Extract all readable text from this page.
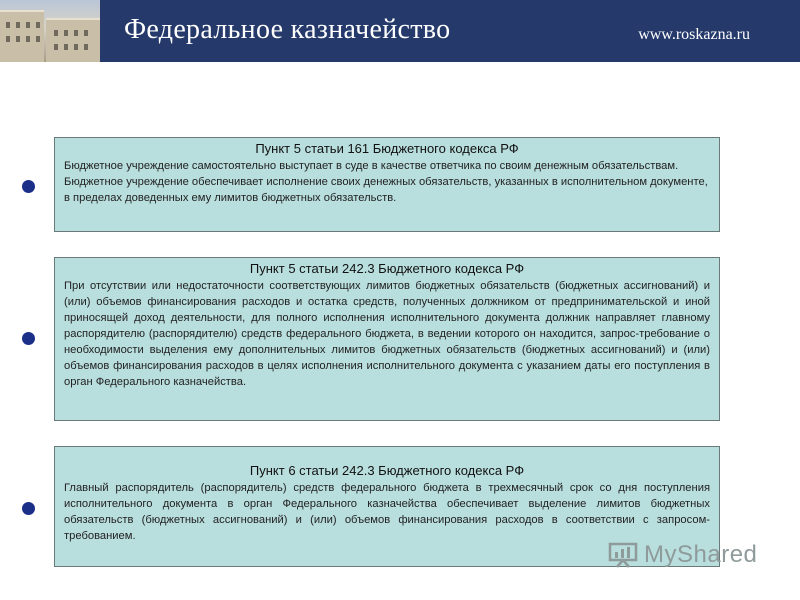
Федеральное казначейство	www.roskazna.ru
Пункт 5 статьи 161 Бюджетного кодекса РФ
Бюджетное учреждение самостоятельно выступает в суде в качестве ответчика по своим денежным обязательствам.
Бюджетное учреждение обеспечивает исполнение своих денежных обязательств, указанных в исполнительном документе, в пределах доведенных ему лимитов бюджетных обязательств.
Пункт 5 статьи 242.3 Бюджетного кодекса РФ
При отсутствии или недостаточности соответствующих лимитов бюджетных обязательств (бюджетных ассигнований) и (или) объемов финансирования расходов и остатка средств, полученных должником от предпринимательской и иной приносящей доход деятельности, для полного исполнения исполнительного документа должник направляет главному распорядителю (распорядителю) средств федерального бюджета, в ведении которого он находится, запрос-требование о необходимости выделения ему дополнительных лимитов бюджетных обязательств (бюджетных ассигнований) и (или) объемов финансирования расходов в целях исполнения исполнительного документа с указанием даты его поступления в орган Федерального казначейства.
Пункт 6 статьи 242.3 Бюджетного кодекса РФ
Главный распорядитель (распорядитель) средств федерального бюджета в трехмесячный срок со дня поступления исполнительного документа в орган Федерального казначейства обеспечивает выделение лимитов бюджетных обязательств (бюджетных ассигнований) и (или) объемов финансирования расходов в соответствии с запросом-требованием.
MyShared
